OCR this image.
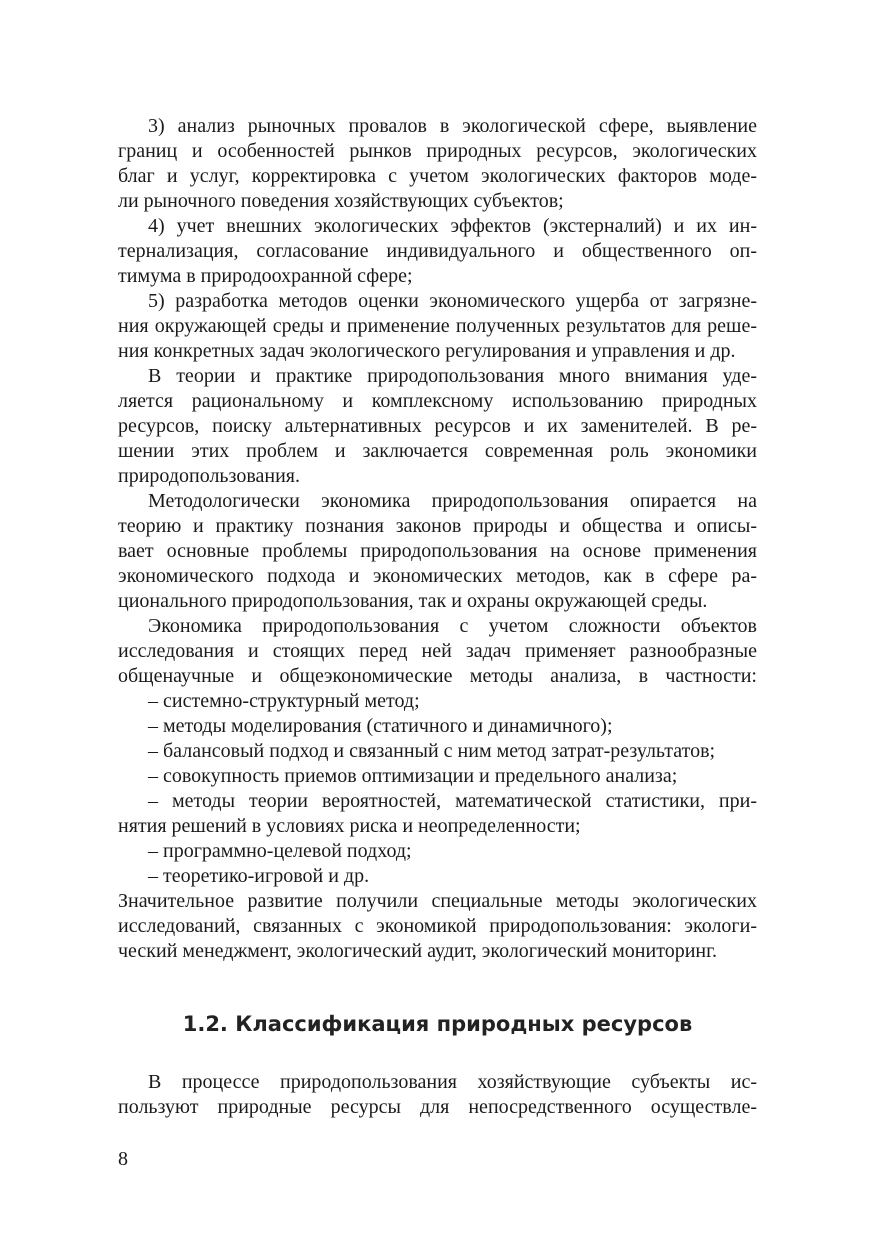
3) анализ рыночных провалов в экологической сфере, выявление
границ и особенностей рынков природных ресурсов, экологических
благ и услуг, корректировка с учетом экологических факторов моде-
ли рыночного поведения хозяйствующих субъектов;
4) учет внешних экологических эффектов (экстерналий) и их ин-
тернализация, согласование индивидуального и общественного оп-
тимума в природоохранной сфере;
5) разработка методов оценки экономического ущерба от загрязне-
ния окружающей среды и применение полученных результатов для реше-
ния конкретных задач экологического регулирования и управления и др.
В теории и практике природопользования много внимания уде-
ляется рациональному и комплексному использованию природных
ресурсов, поиску альтернативных ресурсов и их заменителей. В ре-
шении этих проблем и заключается современная роль экономики
природопользования.
Методологически экономика природопользования опирается на
теорию и практику познания законов природы и общества и описы-
вает основные проблемы природопользования на основе применения
экономического подхода и экономических методов, как в сфере ра-
ционального природопользования, так и охраны окружающей среды.
Экономика природопользования с учетом сложности объектов
исследования и стоящих перед ней задач применяет разнообразные
общенаучные и общеэкономические методы анализа, в частности:
– системно-структурный метод;
– методы моделирования (статичного и динамичного);
– балансовый подход и связанный с ним метод затрат-результатов;
– совокупность приемов оптимизации и предельного анализа;
– методы теории вероятностей, математической статистики, при-
нятия решений в условиях риска и неопределенности;
– программно-целевой подход;
– теоретико-игровой и др.
Значительное развитие получили специальные методы экологических
исследований, связанных с экономикой природопользования: экологи-
ческий менеджмент, экологический аудит, экологический мониторинг.
1.2. Классификация природных ресурсов
В процессе природопользования хозяйствующие субъекты ис-
пользуют природные ресурсы для непосредственного осуществле-
8
